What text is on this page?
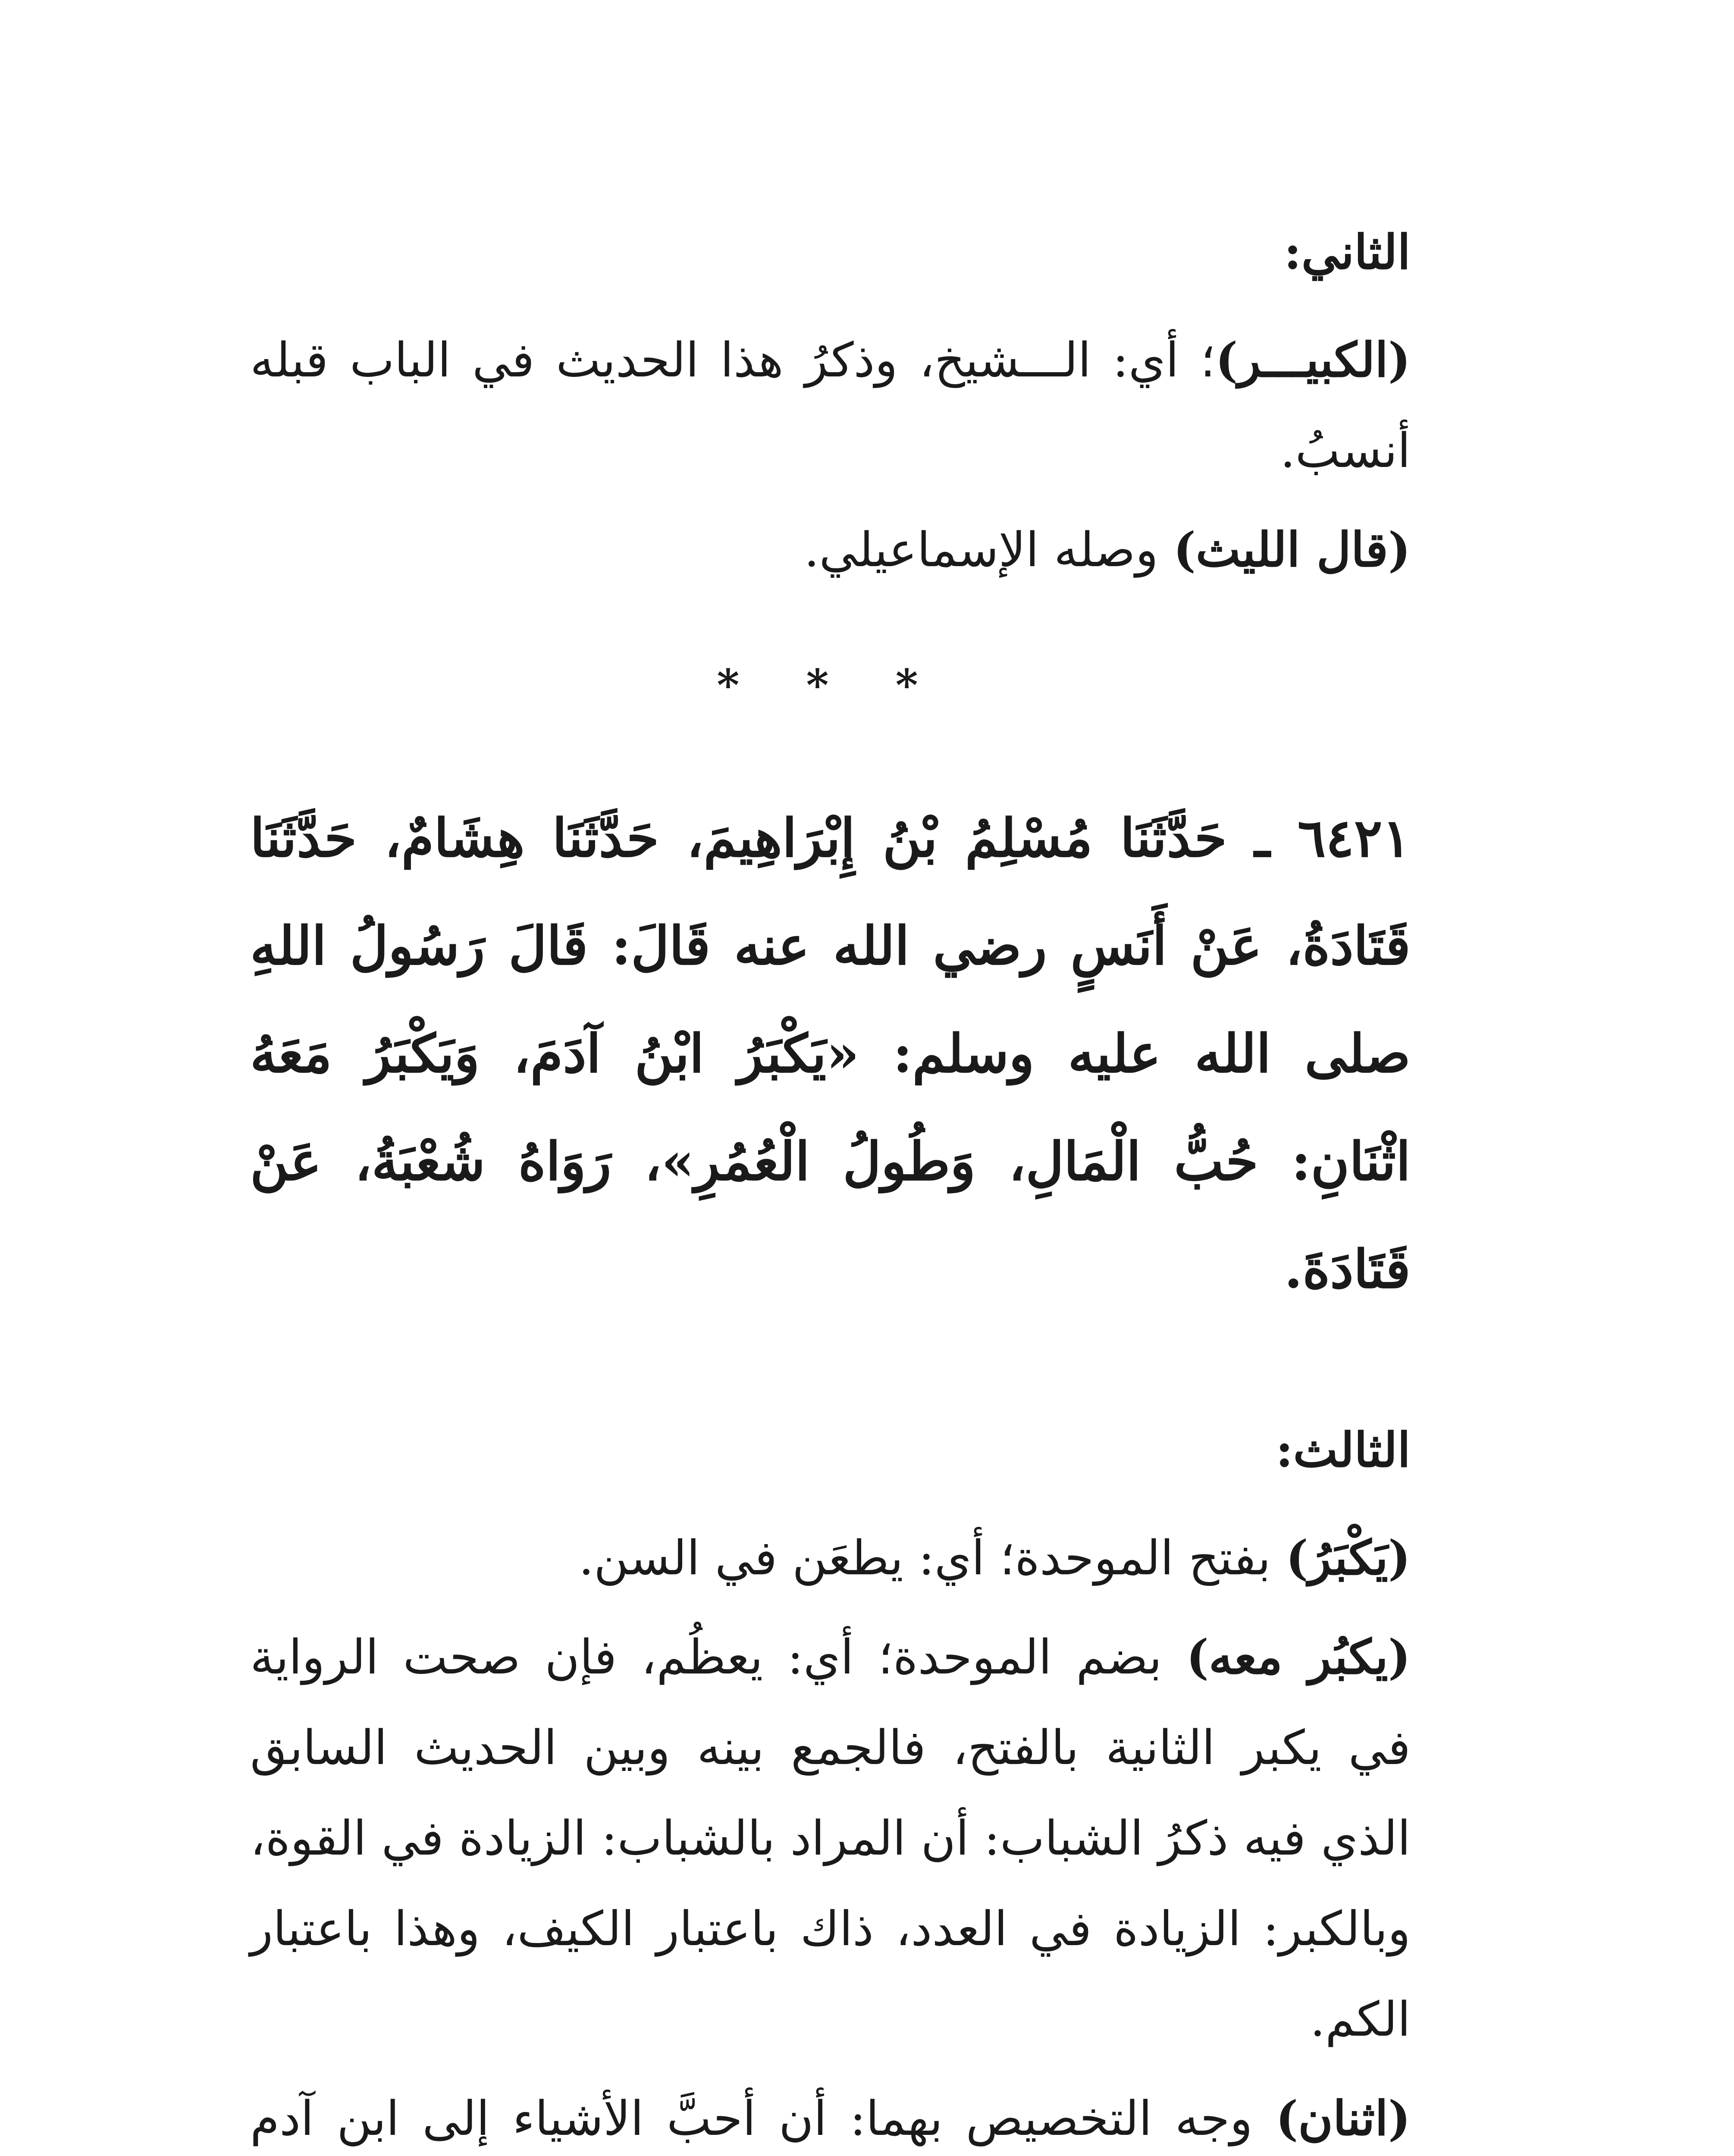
الثاني:

(الكبيـــر)؛ أي: الـــشيخ، وذكرُ هذا الحديث في الباب قبله أنسبُ.

(قال الليث) وصله الإسماعيلي.

* * *

٦٤٢١ ـ حَدَّثَنَا مُسْلِمُ بْنُ إِبْرَاهِيمَ، حَدَّثَنَا هِشَامٌ، حَدَّثَنَا قَتَادَةُ، عَنْ أَنَسٍ رضي الله عنه قَالَ: قَالَ رَسُولُ اللهِ صلى الله عليه وسلم: «يَكْبَرُ ابْنُ آدَمَ، وَيَكْبَرُ مَعَهُ اثْنَانِ: حُبُّ الْمَالِ، وَطُولُ الْعُمُرِ»، رَوَاهُ شُعْبَةُ، عَنْ قَتَادَةَ.

الثالث:

(يَكْبَرُ) بفتح الموحدة؛ أي: يطعَن في السن.

(يكبُر معه) بضم الموحدة؛ أي: يعظُم، فإن صحت الرواية في يكبر الثانية بالفتح، فالجمع بينه وبين الحديث السابق الذي فيه ذكرُ الشباب: أن المراد بالشباب: الزيادة في القوة، وبالكبر: الزيادة في العدد، ذاك باعتبار الكيف، وهذا باعتبار الكم.

(اثنان) وجه التخصيص بهما: أن أحبَّ الأشياء إلى ابن آدم
